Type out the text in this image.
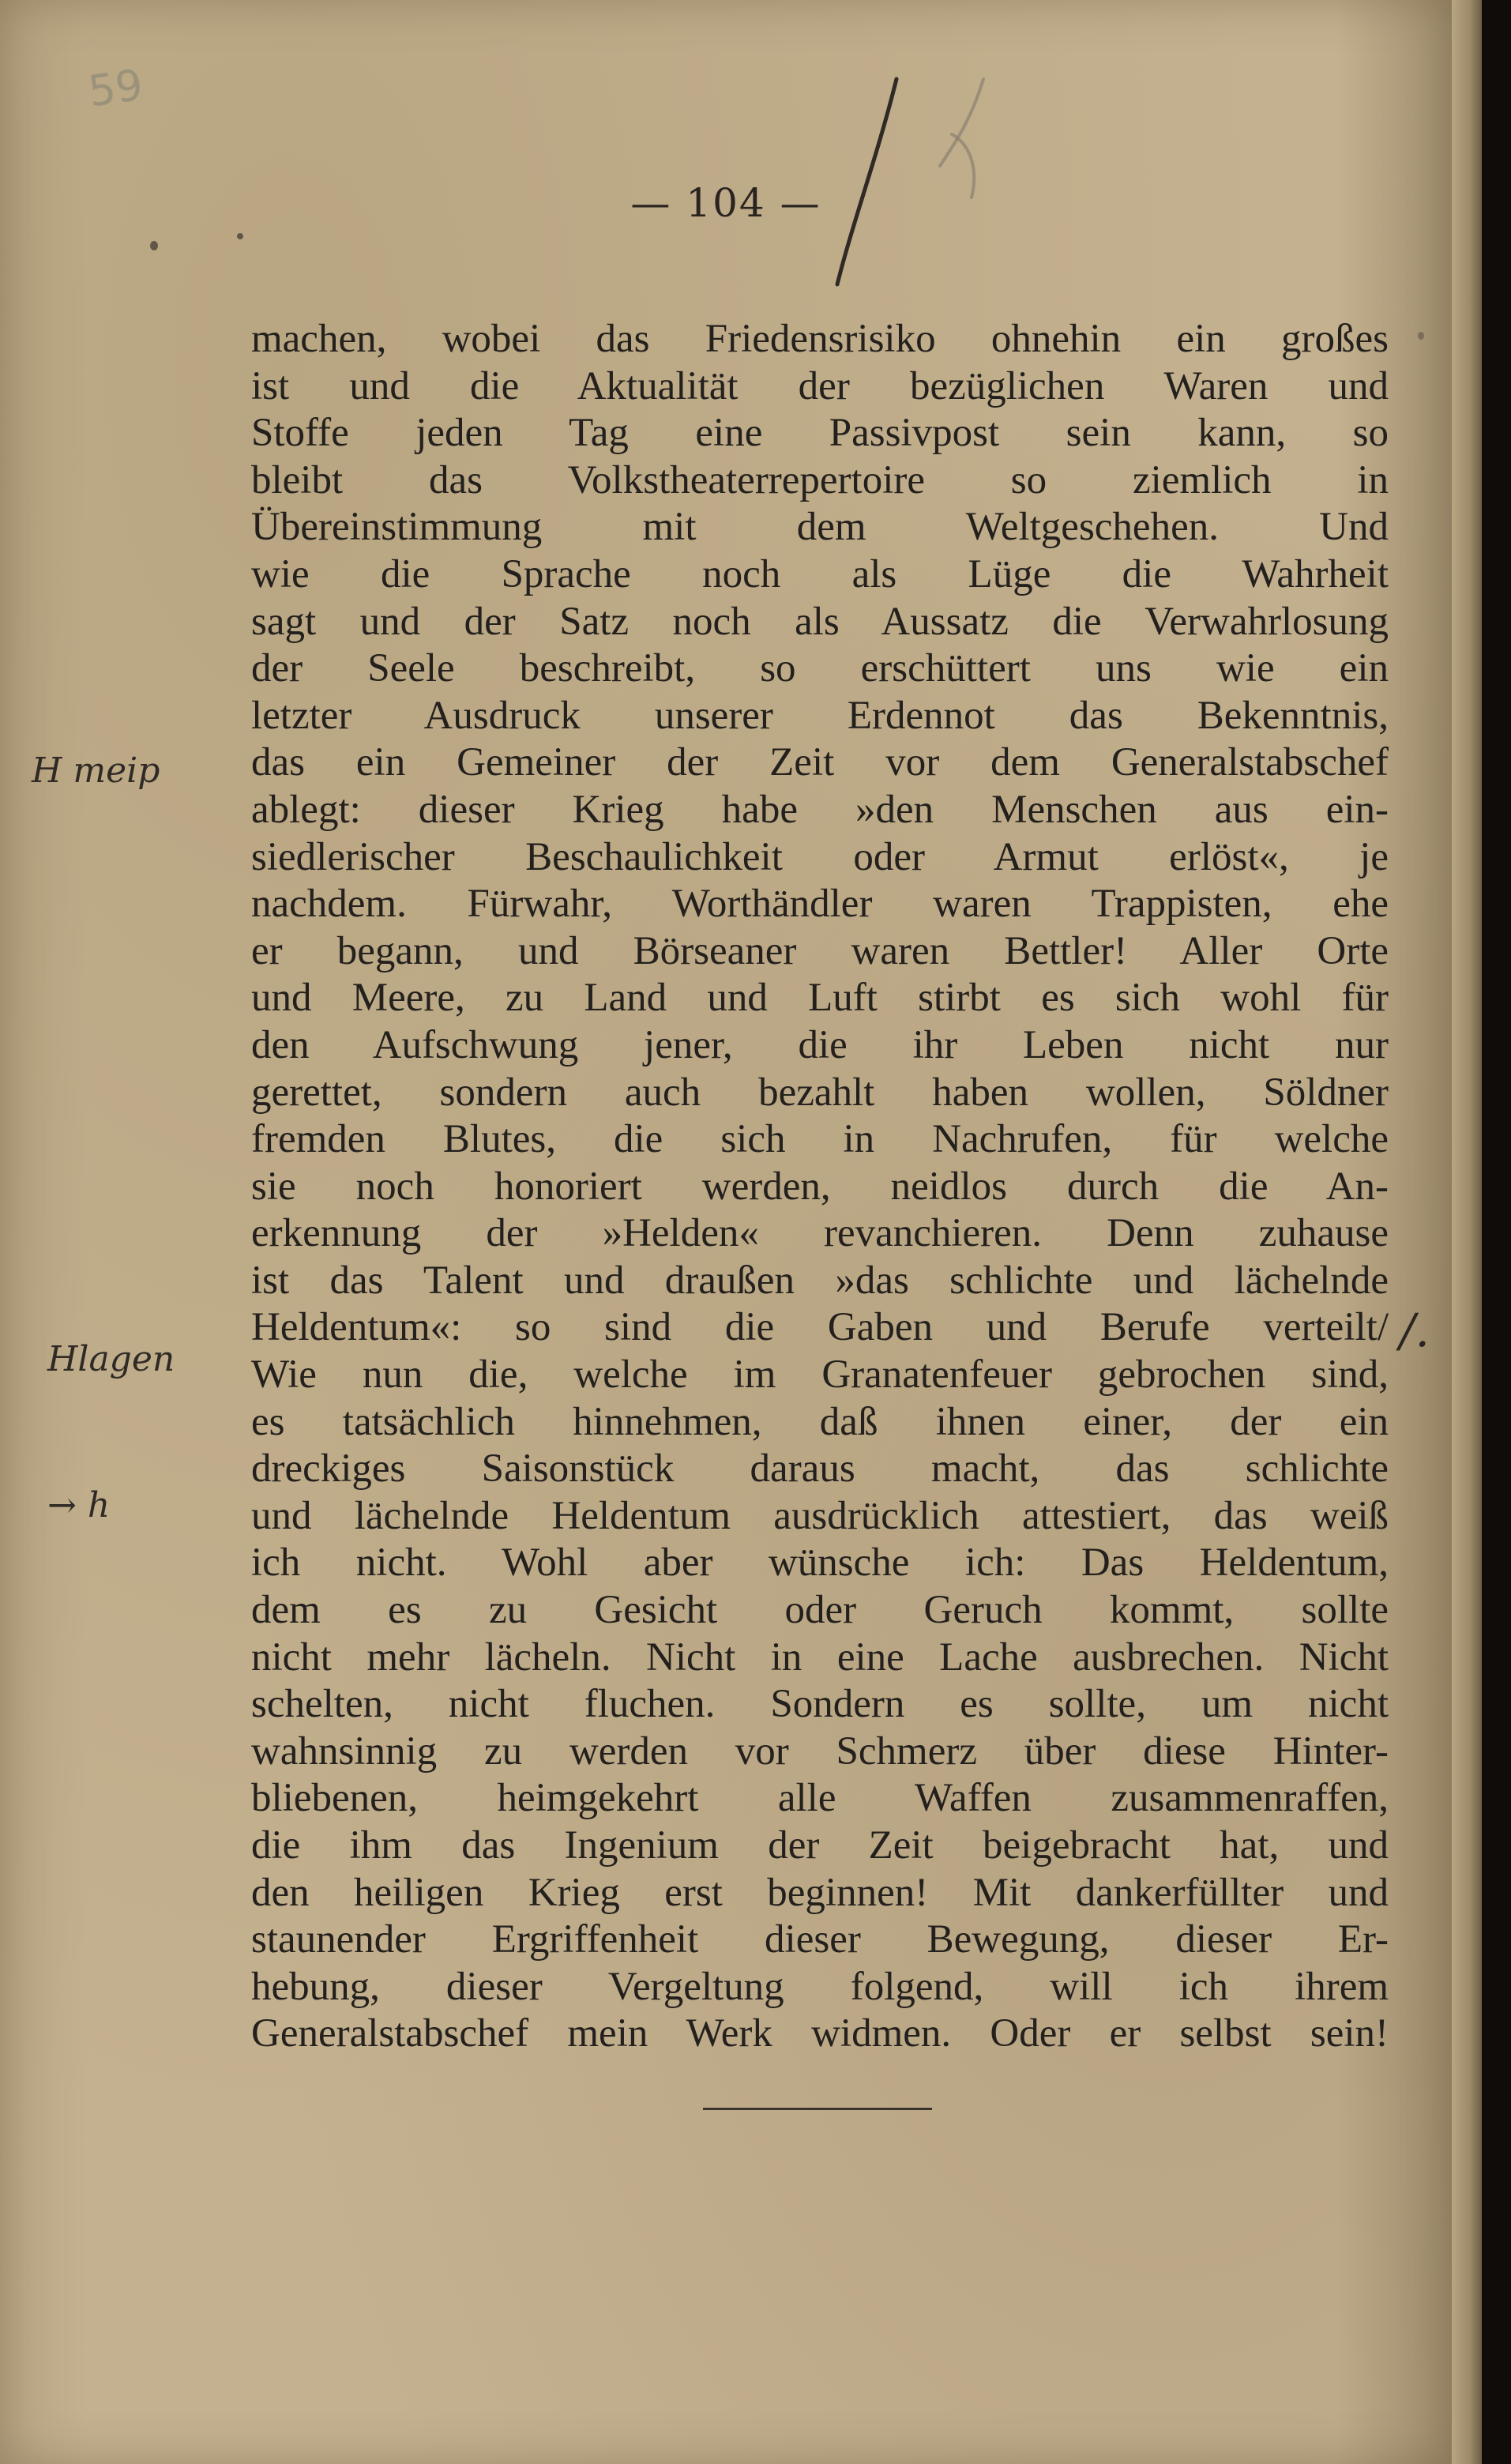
59
— 104 —
machen, wobei das Friedensrisiko ohnehin ein großes
ist und die Aktualität der bezüglichen Waren und
Stoffe jeden Tag eine Passivpost sein kann, so
bleibt das Volkstheaterrepertoire so ziemlich in
Übereinstimmung mit dem Weltgeschehen. Und
wie die Sprache noch als Lüge die Wahrheit
sagt und der Satz noch als Aussatz die Verwahrlosung
der Seele beschreibt, so erschüttert uns wie ein
letzter Ausdruck unserer Erdennot das Bekenntnis,
das ein Gemeiner der Zeit vor dem Generalstabschef
ablegt: dieser Krieg habe »den Menschen aus ein-
siedlerischer Beschaulichkeit oder Armut erlöst«, je
nachdem. Fürwahr, Worthändler waren Trappisten, ehe
er begann, und Börseaner waren Bettler! Aller Orte
und Meere, zu Land und Luft stirbt es sich wohl für
den Aufschwung jener, die ihr Leben nicht nur
gerettet, sondern auch bezahlt haben wollen, Söldner
fremden Blutes, die sich in Nachrufen, für welche
sie noch honoriert werden, neidlos durch die An-
erkennung der »Helden« revanchieren. Denn zuhause
ist das Talent und draußen »das schlichte und lächelnde
Heldentum«: so sind die Gaben und Berufe verteilt/
Wie nun die, welche im Granatenfeuer gebrochen sind,
es tatsächlich hinnehmen, daß ihnen einer, der ein
dreckiges Saisonstück daraus macht, das schlichte
und lächelnde Heldentum ausdrücklich attestiert, das weiß
ich nicht. Wohl aber wünsche ich: Das Heldentum,
dem es zu Gesicht oder Geruch kommt, sollte
nicht mehr lächeln. Nicht in eine Lache ausbrechen. Nicht
schelten, nicht fluchen. Sondern es sollte, um nicht
wahnsinnig zu werden vor Schmerz über diese Hinter-
bliebenen, heimgekehrt alle Waffen zusammenraffen,
die ihm das Ingenium der Zeit beigebracht hat, und
den heiligen Krieg erst beginnen! Mit dankerfüllter und
staunender Ergriffenheit dieser Bewegung, dieser Er-
hebung, dieser Vergeltung folgend, will ich ihrem
Generalstabschef mein Werk widmen. Oder er selbst sein!
H meip
Hlagen
→ h
/.
